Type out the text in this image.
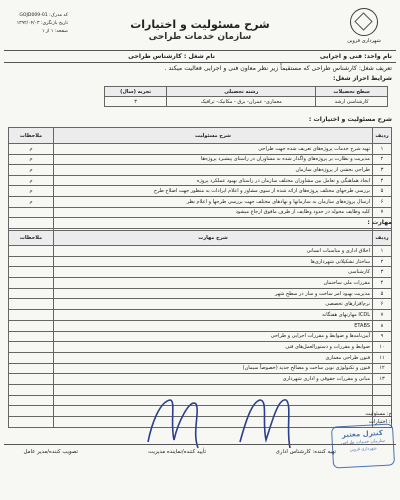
شهرداری قزوین
شرح مسئولیت و اختیارات
سازمان خدمات طراحی
کد مدرک: GOJD009-01
تاریخ بازنگری: ۱۳۹۲/۰۴/۰۳
صفحه: ۱ از ۱
نام واحد: فنی و اجرایی
نام شغل : کارشناس طراحی
تعریف شغل: کارشناس طراحی که مستقیماً زیر نظر معاون فنی و اجرایی فعالیت میکند .
شرایط احراز شغل:
سطح تحصیلات	رشته تحصیلی	تجربه (سال)
کارشناسی ارشد	معماری- عمران- برق - مکانیک- ترافیک	۳
شرح مسئولیت و اختیارات :
ردیف	شرح مسئولیت	ملاحظات
۱	تهیه شرح خدمات پروژه‌های تعریف شده جهت طراحی	م
۲	مدیریت و نظارت بر پروژه‌های واگذار شده به مشاوران در راستای پیشبرد پروژه‌ها	م
۳	طراحی بخشی از پروژه‌های سازمان	م
۴	ایجاد هماهنگی و تعامل بین مشاوران مختلف سازمان در راستای بهبود عملکرد پروژه	م
۵	بررسی طرحهای مختلف پروژه‌های ارائه شده از سوی مشاور و اعلام ایرادات به منظور جهت اصلاح طرح	م
۶	ارسال پروژه‌های سازمان به سازمانها و نهادهای مختلف جهت بررسی طرحها و اعلام نظر	م
۷	کلیه وظایف محوله در حدود وظایف از طرف مافوق ارجاع میشود	

مهارت :
ردیف	شرح مهارت	ملاحظات
۱	اخلاق اداری و مناسبات انسانی	
۲	ساختار تشکیلاتی شهرداری‌ها	
۳	کارشناسی	
۴	مقررات ملی ساختمان	
۵	مدیریت بهبود امر ساخت و ساز در سطح شهر	
۶	نرم‌افزارهای تخصصی	
۷	ICDL مهارتهای هفتگانه	
۸	ETABS	
۹	آیین‌نامه‌ها و ضوابط و مقررات اجرایی و طراحی	
۱۰	ضوابط و مقررات و دستورالعمل‌های فنی	
۱۱	فنون طراحی معماری	
۱۲	فنون و تکنولوژی نوین ساخت و مصالح جدید (خصوصاً سیمان)	
۱۳	مبانی و مقررات حقوقی و اداری شهرداری	

ج: مسئولیت
ا: اختیارات
کنترل معتبر
سازمان خدمات طراحی
شهرداری قزوین
تهیه کننده: کارشناس اداری
تأیید کننده/نماینده مدیریت
تصویب کننده/مدیر عامل
